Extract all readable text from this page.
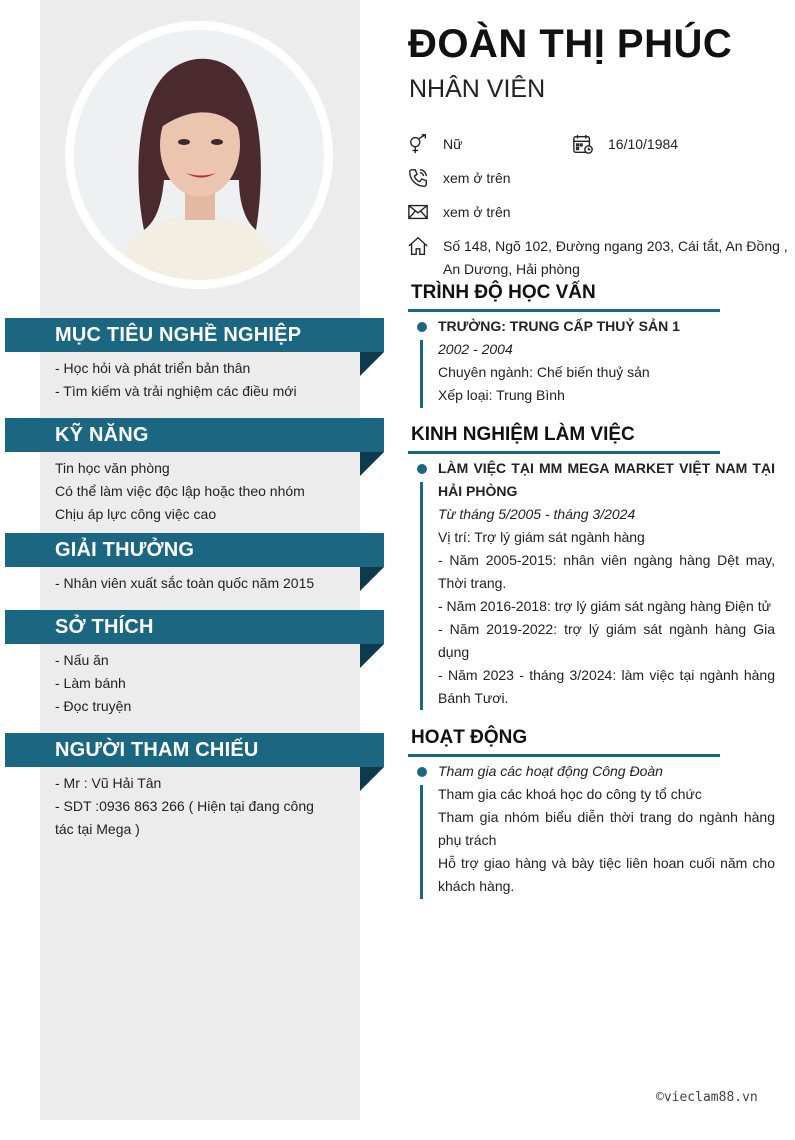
MỤC TIÊU NGHỀ NGHIỆP
- Học hỏi và phát triển bản thân
- Tìm kiếm và trải nghiệm các điều mới
KỸ NĂNG
Tin học văn phòng
Có thể làm việc độc lập hoặc theo nhóm
Chịu áp lực công việc cao
GIẢI THƯỞNG
- Nhân viên xuất sắc toàn quốc năm 2015
SỞ THÍCH
- Nấu ăn
- Làm bánh
- Đọc truyện
NGƯỜI THAM CHIẾU
- Mr : Vũ Hải Tân
- SDT :0936 863 266 ( Hiện tại đang công
tác tại Mega )
ĐOÀN THỊ PHÚC
NHÂN VIÊN
Nữ	16/10/1984
xem ở trên
xem ở trên
Số 148, Ngõ 102, Đường ngang 203, Cái tắt, An Đồng ,
An Dương, Hải phòng
TRÌNH ĐỘ HỌC VẤN
TRƯỜNG: TRUNG CẤP THUỶ SẢN 1
2002 - 2004
Chuyên ngành: Chế biến thuỷ sản
Xếp loại: Trung Bình
KINH NGHIỆM LÀM VIỆC
LÀM VIỆC TẠI MM MEGA MARKET VIỆT NAM TẠI
HẢI PHÒNG
Từ tháng 5/2005 - tháng 3/2024
Vị trí: Trợ lý giám sát ngành hàng
- Năm 2005-2015: nhân viên ngàng hàng Dệt may,
Thời trang.
- Năm 2016-2018: trợ lý giám sát ngàng hàng Điện tử
- Năm 2019-2022: trợ lý giám sát ngành hàng Gia
dụng
- Năm 2023 - tháng 3/2024: làm việc tại ngành hàng
Bánh Tươi.
HOẠT ĐỘNG
Tham gia các hoạt động Công Đoàn
Tham gia các khoá học do công ty tổ chức
Tham gia nhóm biểu diễn thời trang do ngành hàng
phụ trách
Hỗ trợ giao hàng và bày tiệc liên hoan cuối năm cho
khách hàng.
©vieclam88.vn
